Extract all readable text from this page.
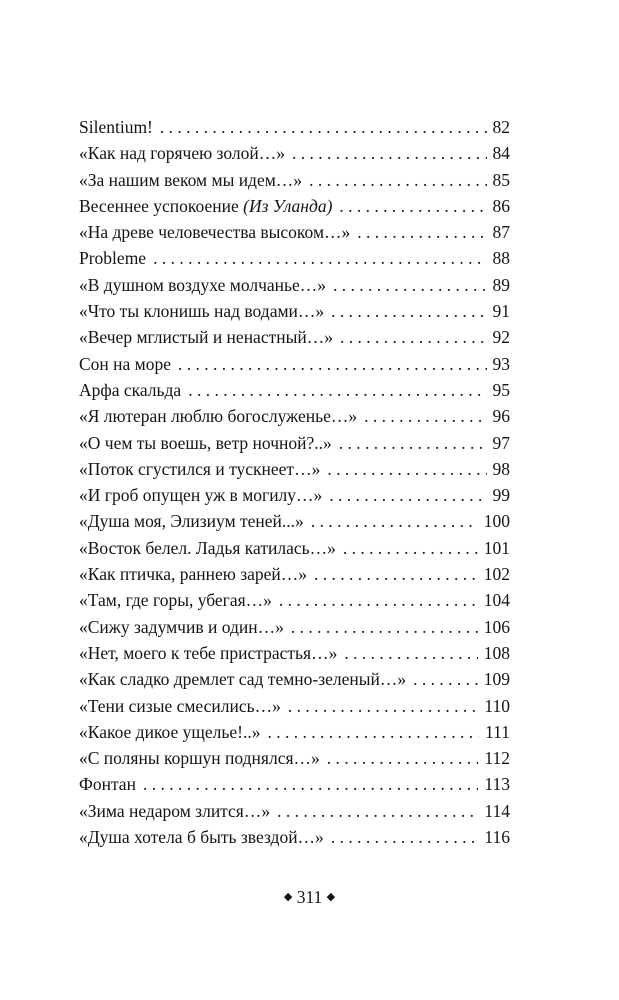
Silentium! . . .	82
«Как над горячею золой…» . . .	84
«За нашим веком мы идем…» . . .	85
Весеннее успокоение (Из Уланда) . . .	86
«На древе человечества высоком…» . . .	87
Probleme . . .	88
«В душном воздухе молчанье…» . . .	89
«Что ты клонишь над водами…» . . .	91
«Вечер мглистый и ненастный…» . . .	92
Сон на море . . .	93
Арфа скальда . . .	95
«Я лютеран люблю богослуженье…» . . .	96
«О чем ты воешь, ветр ночной?..» . . .	97
«Поток сгустился и тускнеет…» . . .	98
«И гроб опущен уж в могилу…» . . .	99
«Душа моя, Элизиум теней...» . . .	100
«Восток белел. Ладья катилась…» . . .	101
«Как птичка, раннею зарей…» . . .	102
«Там, где горы, убегая…» . . .	104
«Сижу задумчив и один…» . . .	106
«Нет, моего к тебе пристрастья…» . . .	108
«Как сладко дремлет сад темно-зеленый…» . . .	109
«Тени сизые смесились…» . . .	110
«Какое дикое ущелье!..» . . .	111
«С поляны коршун поднялся…» . . .	112
Фонтан . . .	113
«Зима недаром злится…» . . .	114
«Душа хотела б быть звездой…» . . .	116
◆ 311 ◆
